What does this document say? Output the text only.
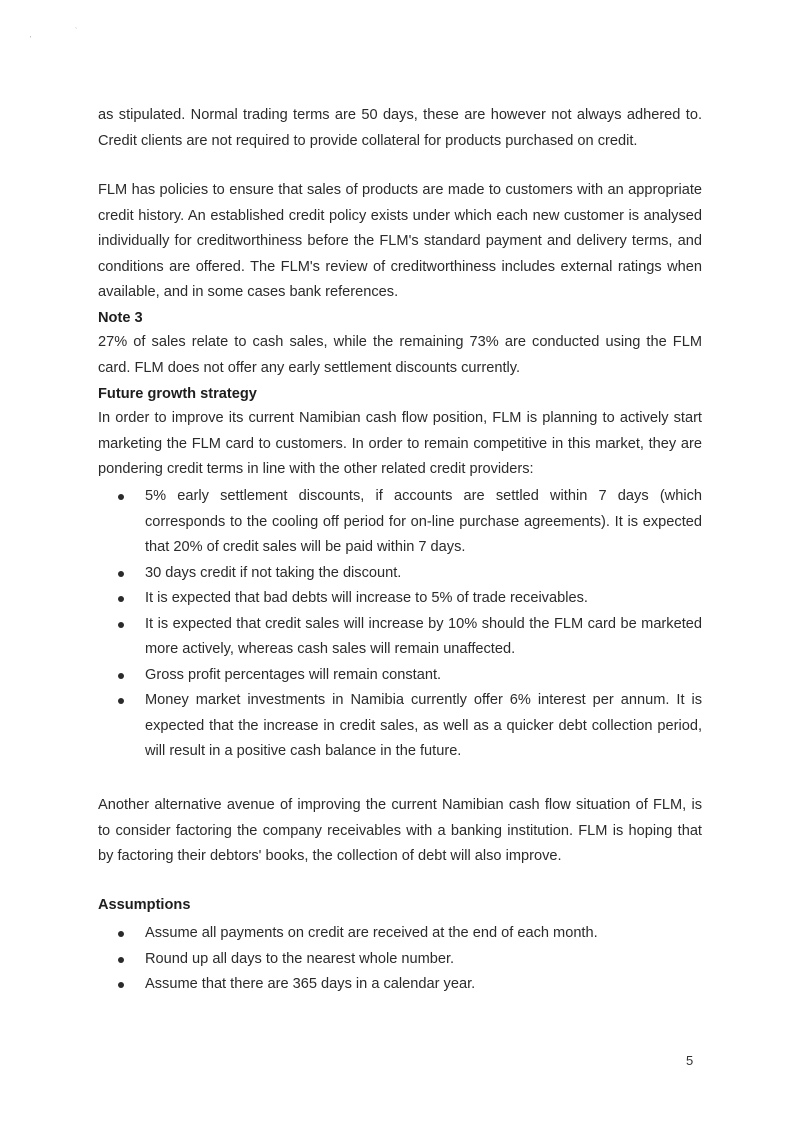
'
`
as stipulated. Normal trading terms are 50 days, these are however not always adhered to. Credit clients are not required to provide collateral for products purchased on credit.
FLM has policies to ensure that sales of products are made to customers with an appropriate credit history. An established credit policy exists under which each new customer is analysed individually for creditworthiness before the FLM's standard payment and delivery terms, and conditions are offered. The FLM's review of creditworthiness includes external ratings when available, and in some cases bank references.
Note 3
27% of sales relate to cash sales, while the remaining 73% are conducted using the FLM card. FLM does not offer any early settlement discounts currently.
Future growth strategy
In order to improve its current Namibian cash flow position, FLM is planning to actively start marketing the FLM card to customers. In order to remain competitive in this market, they are pondering credit terms in line with the other related credit providers:
5% early settlement discounts, if accounts are settled within 7 days (which corresponds to the cooling off period for on-line purchase agreements). It is expected that 20% of credit sales will be paid within 7 days.
30 days credit if not taking the discount.
It is expected that bad debts will increase to 5% of trade receivables.
It is expected that credit sales will increase by 10% should the FLM card be marketed more actively, whereas cash sales will remain unaffected.
Gross profit percentages will remain constant.
Money market investments in Namibia currently offer 6% interest per annum. It is expected that the increase in credit sales, as well as a quicker debt collection period, will result in a positive cash balance in the future.
Another alternative avenue of improving the current Namibian cash flow situation of FLM, is to consider factoring the company receivables with a banking institution. FLM is hoping that by factoring their debtors' books, the collection of debt will also improve.
Assumptions
Assume all payments on credit are received at the end of each month.
Round up all days to the nearest whole number.
Assume that there are 365 days in a calendar year.
5
